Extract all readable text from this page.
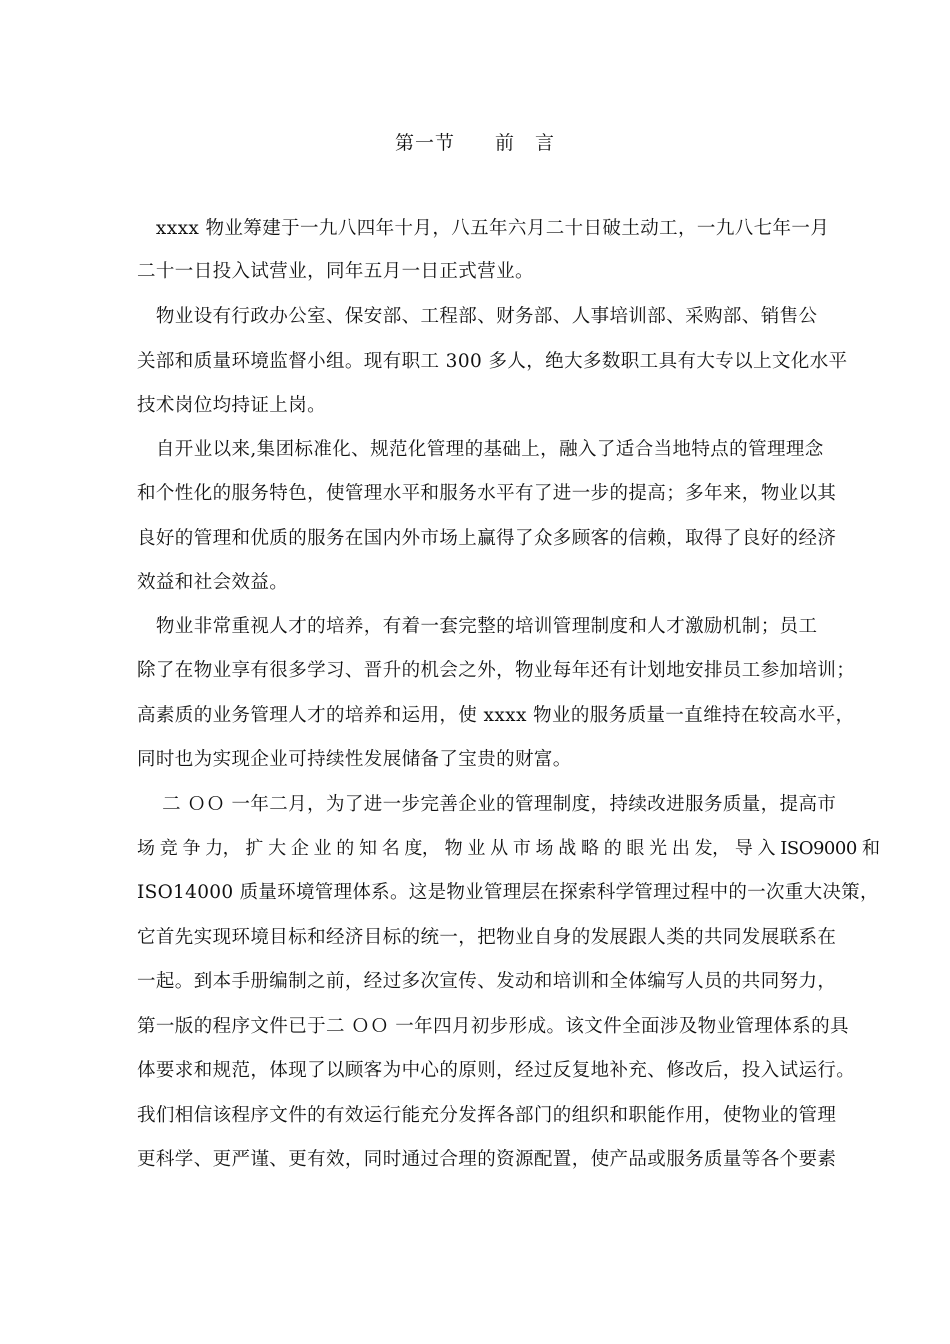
第一节　　前　言
　xxxx 物业筹建于一九八四年十月，八五年六月二十日破土动工，一九八七年一月
二十一日投入试营业，同年五月一日正式营业。
　物业设有行政办公室、保安部、工程部、财务部、人事培训部、采购部、销售公
关部和质量环境监督小组。现有职工 300 多人，绝大多数职工具有大专以上文化水平
技术岗位均持证上岗。
　自开业以来,集团标准化、规范化管理的基础上，融入了适合当地特点的管理理念
和个性化的服务特色，使管理水平和服务水平有了进一步的提高；多年来，物业以其
良好的管理和优质的服务在国内外市场上赢得了众多顾客的信赖，取得了良好的经济
效益和社会效益。
　物业非常重视人才的培养，有着一套完整的培训管理制度和人才激励机制；员工
除了在物业享有很多学习、晋升的机会之外，物业每年还有计划地安排员工参加培训；
高素质的业务管理人才的培养和运用，使 xxxx 物业的服务质量一直维持在较高水平，
同时也为实现企业可持续性发展储备了宝贵的财富。
　 二 ＯＯ 一年二月，为了进一步完善企业的管理制度，持续改进服务质量，提高市
场 竞 争 力， 扩 大 企 业 的 知 名 度， 物 业 从 市 场 战 略 的 眼 光 出 发， 导 入 ISO9000 和
ISO14000 质量环境管理体系。这是物业管理层在探索科学管理过程中的一次重大决策，
它首先实现环境目标和经济目标的统一，把物业自身的发展跟人类的共同发展联系在
一起。到本手册编制之前，经过多次宣传、发动和培训和全体编写人员的共同努力，
第一版的程序文件已于二 ＯＯ 一年四月初步形成。该文件全面涉及物业管理体系的具
体要求和规范，体现了以顾客为中心的原则，经过反复地补充、修改后，投入试运行。
我们相信该程序文件的有效运行能充分发挥各部门的组织和职能作用，使物业的管理
更科学、更严谨、更有效，同时通过合理的资源配置，使产品或服务质量等各个要素
